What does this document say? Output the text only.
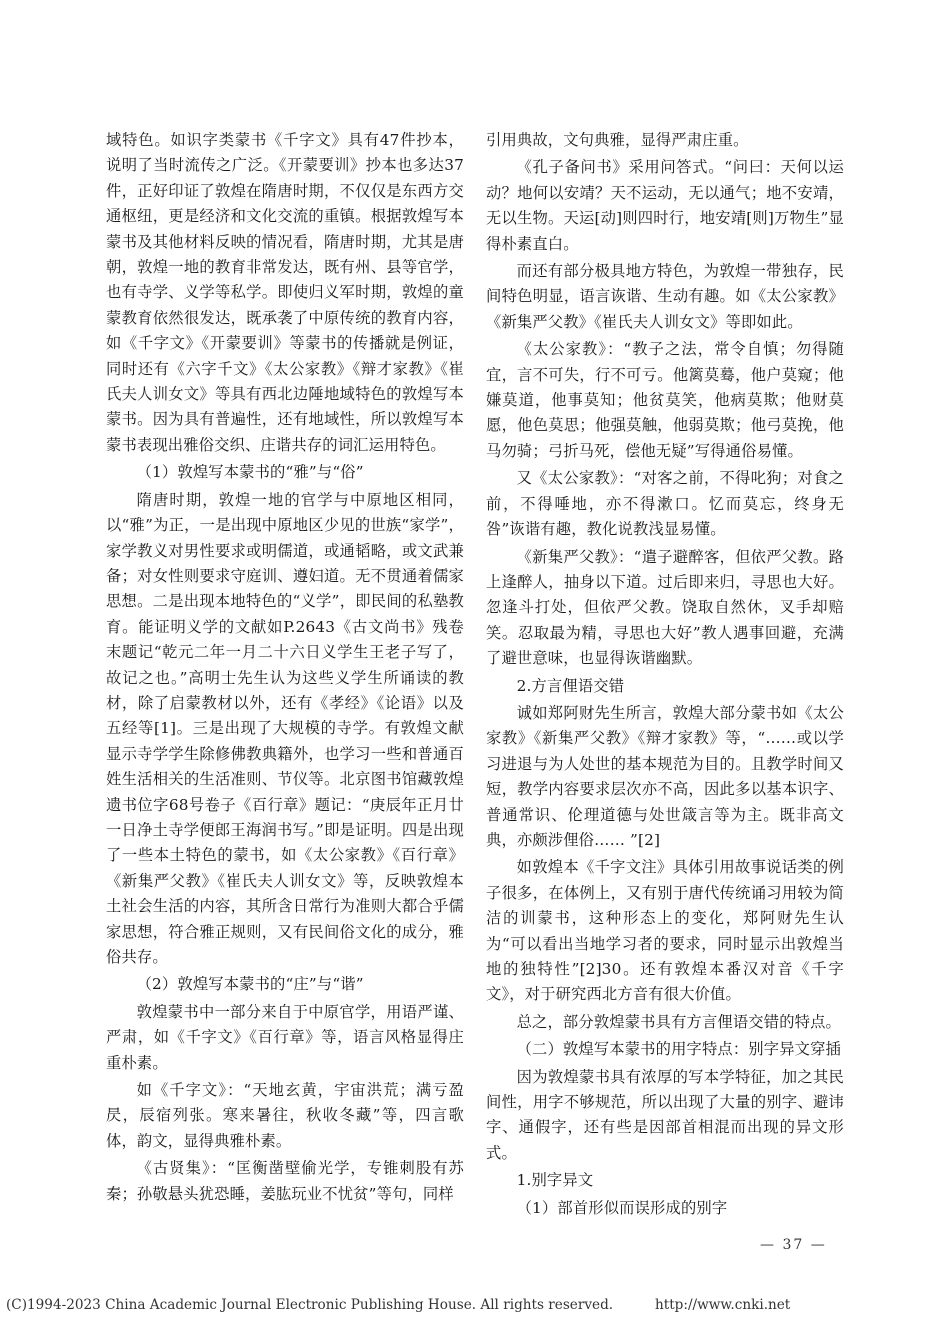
域特色。如识字类蒙书《千字文》具有47件抄本，说明了当时流传之广泛。《开蒙要训》抄本也多达37件，正好印证了敦煌在隋唐时期，不仅仅是东西方交通枢纽，更是经济和文化交流的重镇。根据敦煌写本蒙书及其他材料反映的情况看，隋唐时期，尤其是唐朝，敦煌一地的教育非常发达，既有州、县等官学，也有寺学、义学等私学。即使归义军时期，敦煌的童蒙教育依然很发达，既承袭了中原传统的教育内容，如《千字文》《开蒙要训》等蒙书的传播就是例证，同时还有《六字千文》《太公家教》《辩才家教》《崔氏夫人训女文》等具有西北边陲地域特色的敦煌写本蒙书。因为具有普遍性，还有地域性，所以敦煌写本蒙书表现出雅俗交织、庄谐共存的词汇运用特色。

（1）敦煌写本蒙书的“雅”与“俗”

隋唐时期，敦煌一地的官学与中原地区相同，以“雅”为正，一是出现中原地区少见的世族“家学”，家学教义对男性要求或明儒道，或通韬略，或文武兼备；对女性则要求守庭训、遵妇道。无不贯通着儒家思想。二是出现本地特色的“义学”，即民间的私塾教育。能证明义学的文献如P.2643《古文尚书》残卷末题记“乾元二年一月二十六日义学生王老子写了，故记之也。”高明士先生认为这些义学生所诵读的教材，除了启蒙教材以外，还有《孝经》《论语》以及五经等[1]。三是出现了大规模的寺学。有敦煌文献显示寺学学生除修佛教典籍外，也学习一些和普通百姓生活相关的生活准则、节仪等。北京图书馆藏敦煌遗书位字68号卷子《百行章》题记：“庚辰年正月廿一日净土寺学便郎王海润书写。”即是证明。四是出现了一些本土特色的蒙书，如《太公家教》《百行章》《新集严父教》《崔氏夫人训女文》等，反映敦煌本土社会生活的内容，其所含日常行为准则大都合乎儒家思想，符合雅正规则，又有民间俗文化的成分，雅俗共存。

（2）敦煌写本蒙书的“庄”与“谐”

敦煌蒙书中一部分来自于中原官学，用语严谨、严肃，如《千字文》《百行章》等，语言风格显得庄重朴素。

如《千字文》：“天地玄黄，宇宙洪荒；满亏盈昃，辰宿列张。寒来暑往，秋收冬藏”等，四言歌体，韵文，显得典雅朴素。

《古贤集》：“匡衡凿壁偷光学，专锥刺股有苏秦；孙敬悬头犹恐睡，姜肱玩业不忧贫”等句，同样

引用典故，文句典雅，显得严肃庄重。

《孔子备问书》采用问答式。“问曰：天何以运动？地何以安靖？天不运动，无以通气；地不安靖，无以生物。天运[动]则四时行，地安靖[则]万物生”显得朴素直白。

而还有部分极具地方特色，为敦煌一带独存，民间特色明显，语言诙谐、生动有趣。如《太公家教》《新集严父教》《崔氏夫人训女文》等即如此。

《太公家教》：“教子之法，常令自慎；勿得随宜，言不可失，行不可亏。他篱莫蓦，他户莫窥；他嫌莫道，他事莫知；他贫莫笑，他病莫欺；他财莫愿，他色莫思；他强莫触，他弱莫欺；他弓莫挽，他马勿骑；弓折马死，偿他无疑”写得通俗易懂。

又《太公家教》：“对客之前，不得叱狗；对食之前，不得唾地，亦不得漱口。忆而莫忘，终身无咎”诙谐有趣，教化说教浅显易懂。

《新集严父教》：“遣子避醉客，但依严父教。路上逢醉人，抽身以下道。过后即来归，寻思也大好。忽逢斗打处，但依严父教。饶取自然休，叉手却赔笑。忍取最为精，寻思也大好”教人遇事回避，充满了避世意味，也显得诙谐幽默。

2.方言俚语交错

诚如郑阿财先生所言，敦煌大部分蒙书如《太公家教》《新集严父教》《辩才家教》等，“……或以学习进退与为人处世的基本规范为目的。且教学时间又短，教学内容要求层次亦不高，因此多以基本识字、普通常识、伦理道德与处世箴言等为主。既非高文典，亦颇涉俚俗…… ”[2]

如敦煌本《千字文注》具体引用故事说话类的例子很多，在体例上，又有别于唐代传统诵习用较为简洁的训蒙书，这种形态上的变化，郑阿财先生认为“可以看出当地学习者的要求，同时显示出敦煌当地的独特性”[2]30。还有敦煌本番汉对音《千字文》，对于研究西北方音有很大价值。

总之，部分敦煌蒙书具有方言俚语交错的特点。

（二）敦煌写本蒙书的用字特点：别字异文穿插

因为敦煌蒙书具有浓厚的写本学特征，加之其民间性，用字不够规范，所以出现了大量的别字、避讳字、通假字，还有些是因部首相混而出现的异文形式。

1.别字异文

（1）部首形似而误形成的别字

— 37 —
(C)1994-2023 China Academic Journal Electronic Publishing House. All rights reserved.	http://www.cnki.net
